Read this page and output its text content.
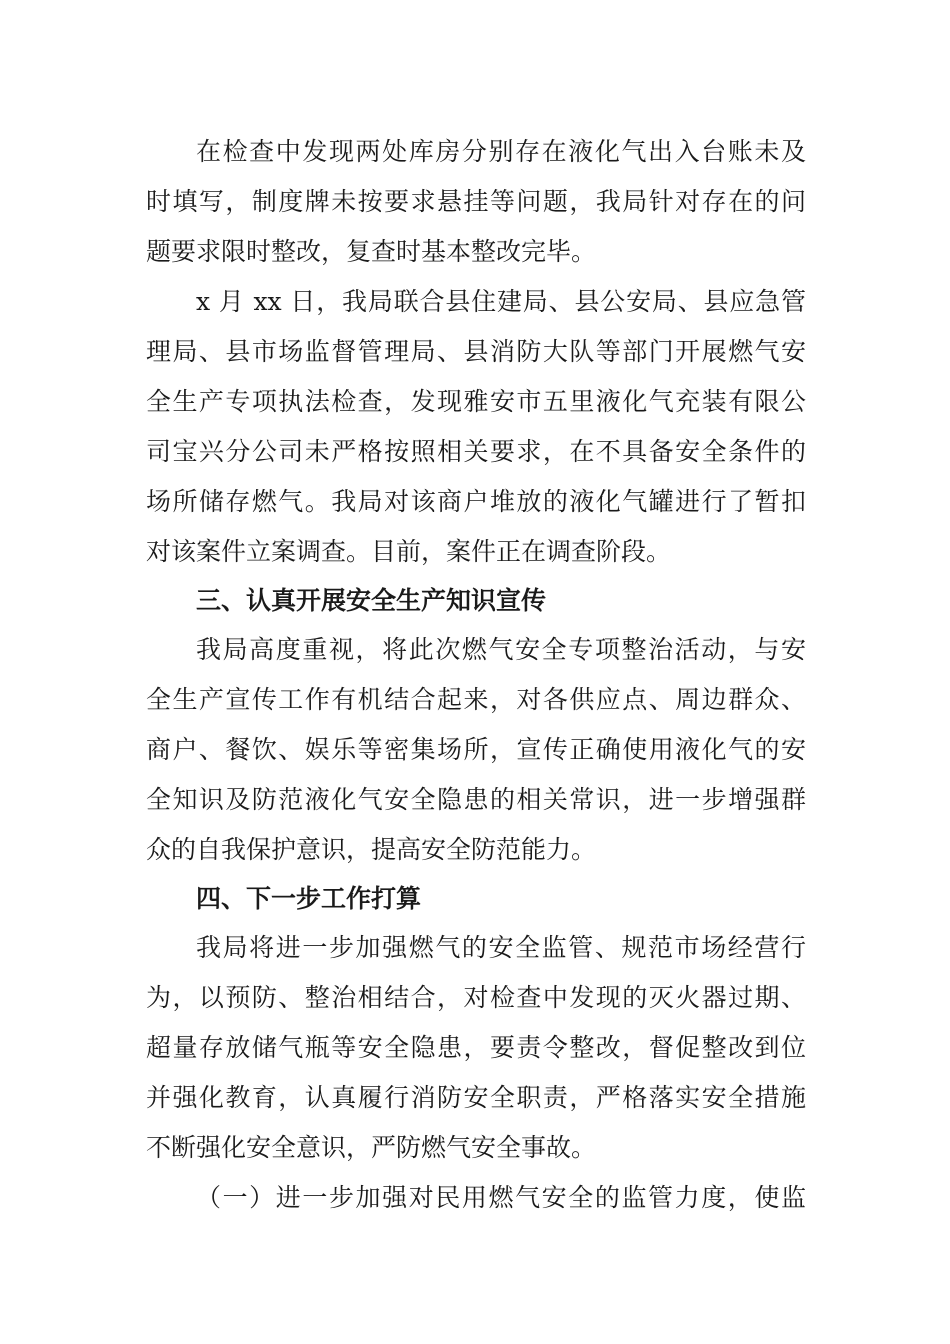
在检查中发现两处库房分别存在液化气出入台账未及
时填写，制度牌未按要求悬挂等问题，我局针对存在的问
题要求限时整改，复查时基本整改完毕。
x 月 xx 日，我局联合县住建局、县公安局、县应急管
理局、县市场监督管理局、县消防大队等部门开展燃气安
全生产专项执法检查，发现雅安市五里液化气充装有限公
司宝兴分公司未严格按照相关要求，在不具备安全条件的
场所储存燃气。我局对该商户堆放的液化气罐进行了暂扣
对该案件立案调查。目前，案件正在调查阶段。
三、认真开展安全生产知识宣传
我局高度重视，将此次燃气安全专项整治活动，与安
全生产宣传工作有机结合起来，对各供应点、周边群众、
商户、餐饮、娱乐等密集场所，宣传正确使用液化气的安
全知识及防范液化气安全隐患的相关常识，进一步增强群
众的自我保护意识，提高安全防范能力。
四、下一步工作打算
我局将进一步加强燃气的安全监管、规范市场经营行
为，以预防、整治相结合，对检查中发现的灭火器过期、
超量存放储气瓶等安全隐患，要责令整改，督促整改到位
并强化教育，认真履行消防安全职责，严格落实安全措施
不断强化安全意识，严防燃气安全事故。
（一）进一步加强对民用燃气安全的监管力度，使监
